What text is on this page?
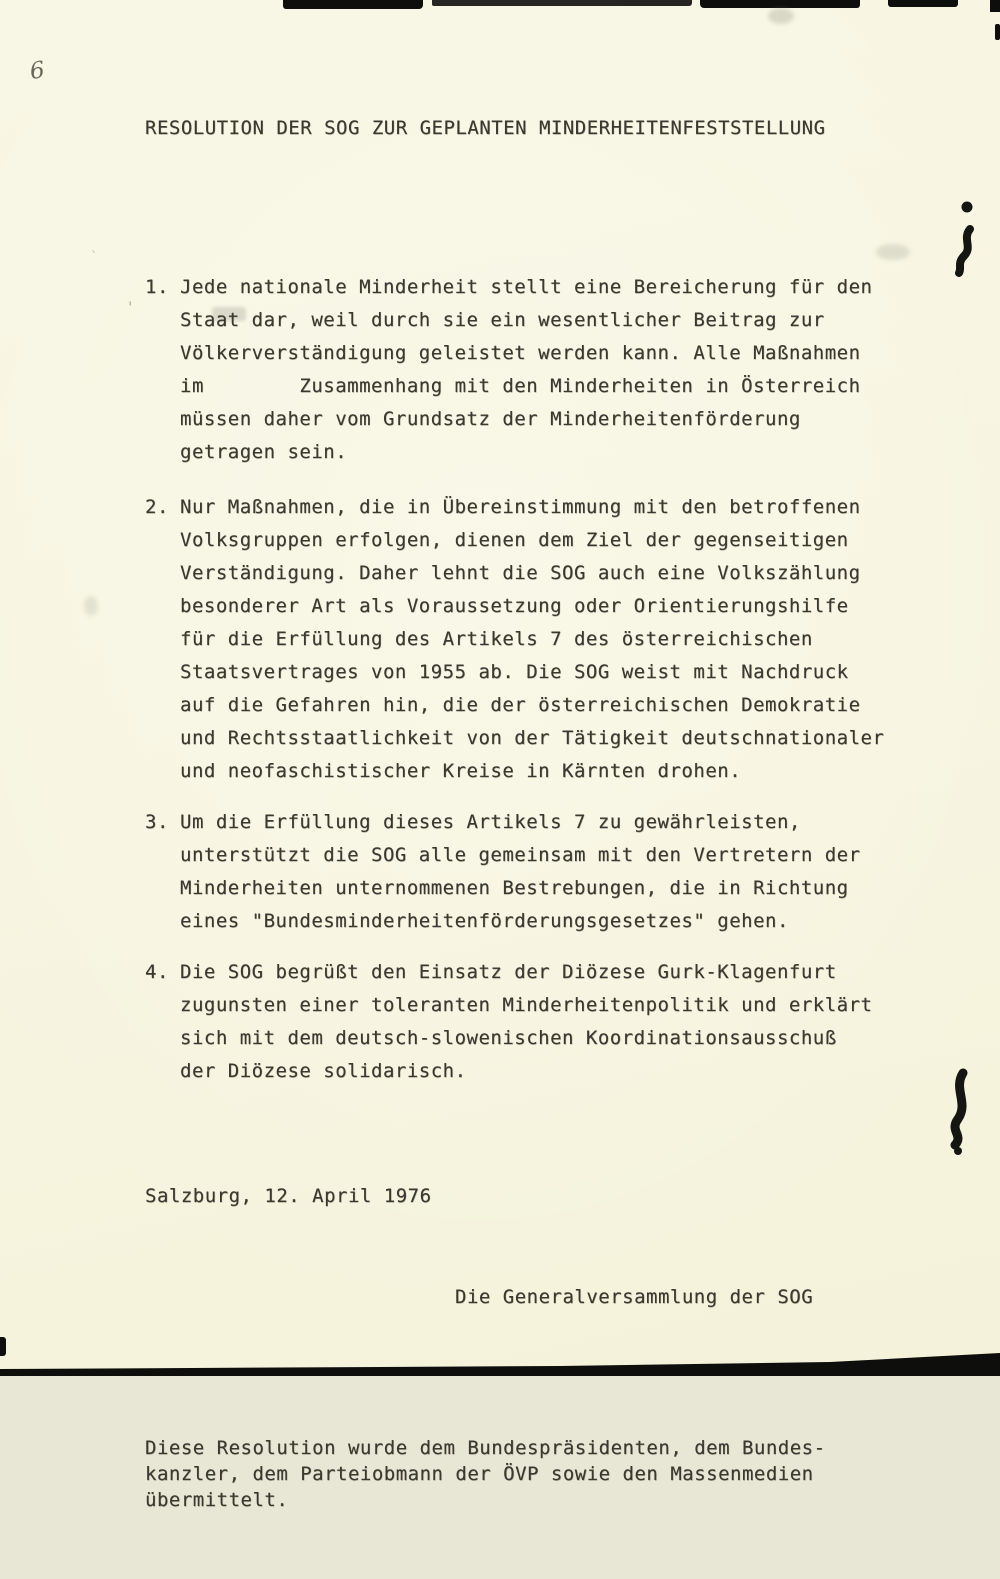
'
`
6
RESOLUTION DER SOG ZUR GEPLANTEN MINDERHEITENFESTSTELLUNG

1. Jede nationale Minderheit stellt eine Bereicherung für den
Staat dar, weil durch sie ein wesentlicher Beitrag zur
Völkerverständigung geleistet werden kann. Alle Maßnahmen
im        Zusammenhang mit den Minderheiten in Österreich
müssen daher vom Grundsatz der Minderheitenförderung
getragen sein.
2. Nur Maßnahmen, die in Übereinstimmung mit den betroffenen
Volksgruppen erfolgen, dienen dem Ziel der gegenseitigen
Verständigung. Daher lehnt die SOG auch eine Volkszählung
besonderer Art als Voraussetzung oder Orientierungshilfe
für die Erfüllung des Artikels 7 des österreichischen
Staatsvertrages von 1955 ab. Die SOG weist mit Nachdruck
auf die Gefahren hin, die der österreichischen Demokratie
und Rechtsstaatlichkeit von der Tätigkeit deutschnationaler
und neofaschistischer Kreise in Kärnten drohen.
3. Um die Erfüllung dieses Artikels 7 zu gewährleisten,
unterstützt die SOG alle gemeinsam mit den Vertretern der
Minderheiten unternommenen Bestrebungen, die in Richtung
eines "Bundesminderheitenförderungsgesetzes" gehen.
4. Die SOG begrüßt den Einsatz der Diözese Gurk-Klagenfurt
zugunsten einer toleranten Minderheitenpolitik und erklärt
sich mit dem deutsch-slowenischen Koordinationsausschuß
der Diözese solidarisch.

Salzburg, 12. April 1976

Die Generalversammlung der SOG

Diese Resolution wurde dem Bundespräsidenten, dem Bundes-
kanzler, dem Parteiobmann der ÖVP sowie den Massenmedien
übermittelt.
